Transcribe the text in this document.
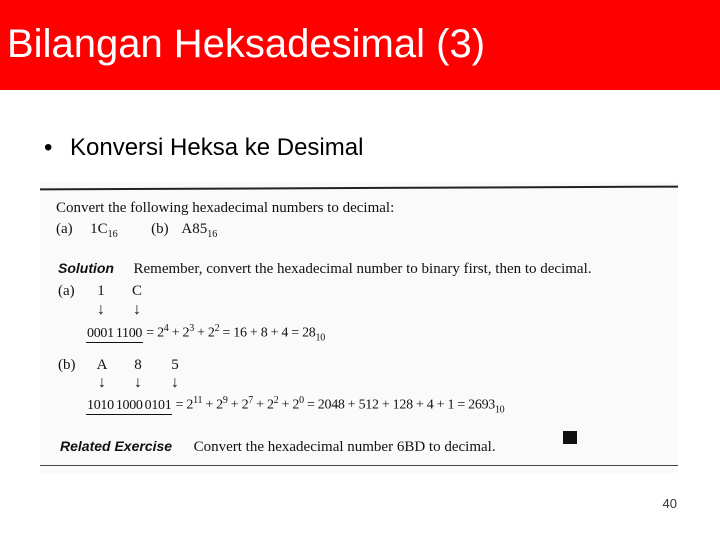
Bilangan Heksadesimal (3)
• Konversi Heksa ke Desimal
Convert the following hexadecimal numbers to decimal:
(a) $1C_{16}$ (b) $A85_{16}$
Solution Remember, convert the hexadecimal number to binary first, then to decimal.
(a)	1	C
↓	↓
0001 $1100 = 2^4 + 2^3 + 2^2 = 16 + 8 + 4 = 28_{10}$
(b)	A	8	5
↓	↓	↓
1010 1000 $0101 = 2^{11} + 2^9 + 2^7 + 2^2 + 2^0 = 2048 + 512 + 128 + 4 + 1 = 2693_{10}$
Related Exercise Convert the hexadecimal number 6BD to decimal.
40
